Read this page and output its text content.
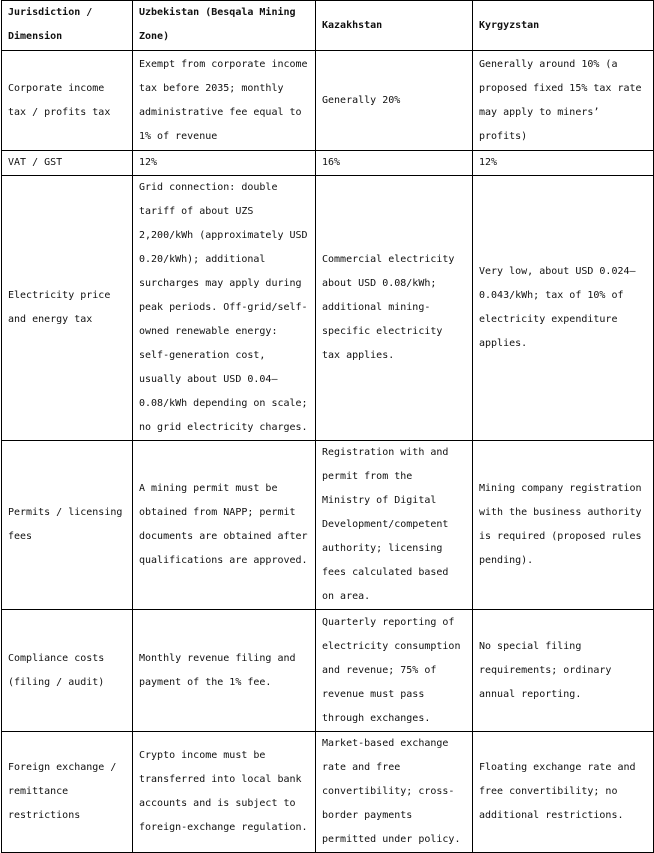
Jurisdiction / Dimension	Uzbekistan (Besqala Mining Zone)	Kazakhstan	Kyrgyzstan
Corporate income tax / profits tax	Exempt from corporate income tax before 2035; monthly administrative fee equal to 1% of revenue	Generally 20%	Generally around 10% (a proposed fixed 15% tax rate may apply to miners’ profits)
VAT / GST	12%	16%	12%
Electricity price and energy tax	Grid connection: double tariff of about UZS 2,200/kWh (approximately USD 0.20/kWh); additional surcharges may apply during peak periods. Off-grid/self-owned renewable energy: self-generation cost, usually about USD 0.04–0.08/kWh depending on scale; no grid electricity charges.	Commercial electricity about USD 0.08/kWh; additional mining-specific electricity tax applies.	Very low, about USD 0.024–0.043/kWh; tax of 10% of electricity expenditure applies.
Permits / licensing fees	A mining permit must be obtained from NAPP; permit documents are obtained after qualifications are approved.	Registration with and permit from the Ministry of Digital Development/competent authority; licensing fees calculated based on area.	Mining company registration with the business authority is required (proposed rules pending).
Compliance costs (filing / audit)	Monthly revenue filing and payment of the 1% fee.	Quarterly reporting of electricity consumption and revenue; 75% of revenue must pass through exchanges.	No special filing requirements; ordinary annual reporting.
Foreign exchange / remittance restrictions	Crypto income must be transferred into local bank accounts and is subject to foreign-exchange regulation.	Market-based exchange rate and free convertibility; cross-border payments permitted under policy.	Floating exchange rate and free convertibility; no additional restrictions.
